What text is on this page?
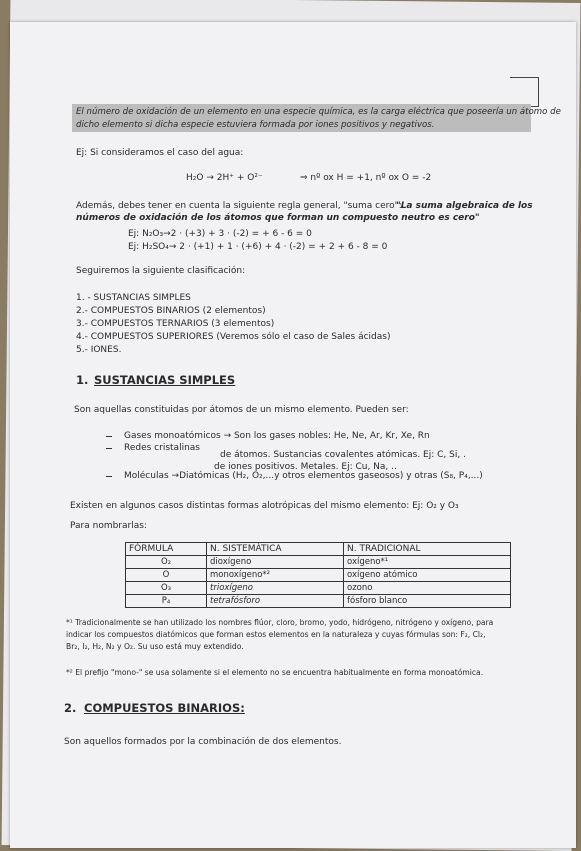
El número de oxidación de un elemento en una especie química, es la carga eléctrica que poseería un átomo de
dicho elemento si dicha especie estuviera formada por iones positivos y negativos.
Ej: Si consideramos el caso del agua:
H₂O → 2H⁺ + O²⁻	⇒ nº ox H = +1, nº ox O = -2
Además, debes tener en cuenta la siguiente regla general, "suma cero":
"La suma algebraica de los
números de oxidación de los átomos que forman un compuesto neutro es cero"
Ej: N₂O₃→2 · (+3) + 3 · (-2) = + 6 - 6 = 0
Ej: H₂SO₄→ 2 · (+1) + 1 · (+6) + 4 · (-2) = + 2 + 6 - 8 = 0
Seguiremos la siguiente clasificación:
1. - SUSTANCIAS SIMPLES
2.- COMPUESTOS BINARIOS (2 elementos)
3.- COMPUESTOS TERNARIOS (3 elementos)
4.- COMPUESTOS SUPERIORES (Veremos sólo el caso de Sales ácidas)
5.- IONES.
1. SUSTANCIAS SIMPLES
Son aquellas constituidas por átomos de un mismo elemento. Pueden ser:
Gases monoatómicos → Son los gases nobles: He, Ne, Ar, Kr, Xe, Rn
Redes cristalinas
de átomos. Sustancias covalentes atómicas. Ej: C, Si, .
de iones positivos. Metales. Ej: Cu, Na, ..
Moléculas →Diatómicas (H₂, O₂,...y otros elementos gaseosos) y otras (S₈, P₄,...)
Existen en algunos casos distintas formas alotrópicas del mismo elemento: Ej: O₂ y O₃
Para nombrarlas:
FÓRMULA	N. SISTEMÁTICA	N. TRADICIONAL
O₂	dioxígeno	oxígeno*¹
O	monoxígeno*²	oxígeno atómico
O₃	trioxígeno	ozono
P₄	tetrafósforo	fósforo blanco
*¹ Tradicionalmente se han utilizado los nombres flúor, cloro, bromo, yodo, hidrógeno, nitrógeno y oxígeno, para
indicar los compuestos diatómicos que forman estos elementos en la naturaleza y cuyas fórmulas son: F₂, Cl₂,
Br₂, I₂, H₂, N₂ y O₂. Su uso está muy extendido.
*² El prefijo "mono-" se usa solamente si el elemento no se encuentra habitualmente en forma monoatómica.
2. COMPUESTOS BINARIOS:
Son aquellos formados por la combinación de dos elementos.
